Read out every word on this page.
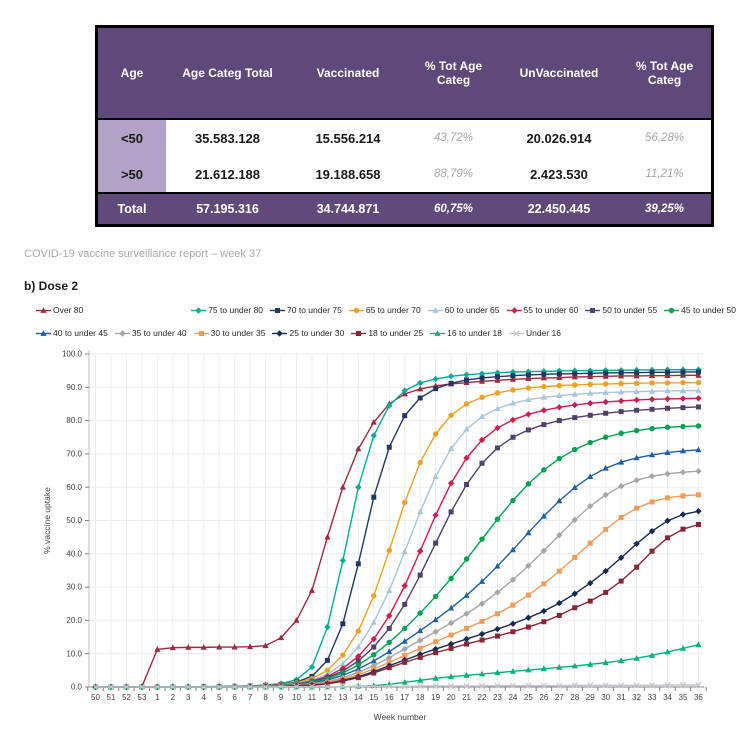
Age	Age Categ Total	Vaccinated	% Tot Age Categ	UnVaccinated	% Tot Age Categ
<50	35.583.128	15.556.214	43,72%	20.026.914	56,28%
>50	21.612.188	19.188.658	88,79%	2.423.530	11,21%
Total	57.195.316	34.744.871	60,75%	22.450.445	39,25%
COVID-19 vaccine surveillance report – week 37
b) Dose 2
Over 80	75 to under 80	70 to under 75	65 to under 70	60 to under 65	55 to under 60	50 to under 55	45 to under 50
40 to under 45	35 to under 40	30 to under 35	25 to under 30	18 to under 25	16 to under 18	Under 16
0.0
10.0
20.0
30.0
40.0
50.0
60.0
70.0
80.0
90.0
100.0
50 51 52 53 1 2 3 4 5 6 7 8 9 10 11 12 13 14 15 16 17 18 19 20 21 22 23 24 25 26 27 28 29 30 31 32 33 34 35 36
% vaccine uptake
Week number
